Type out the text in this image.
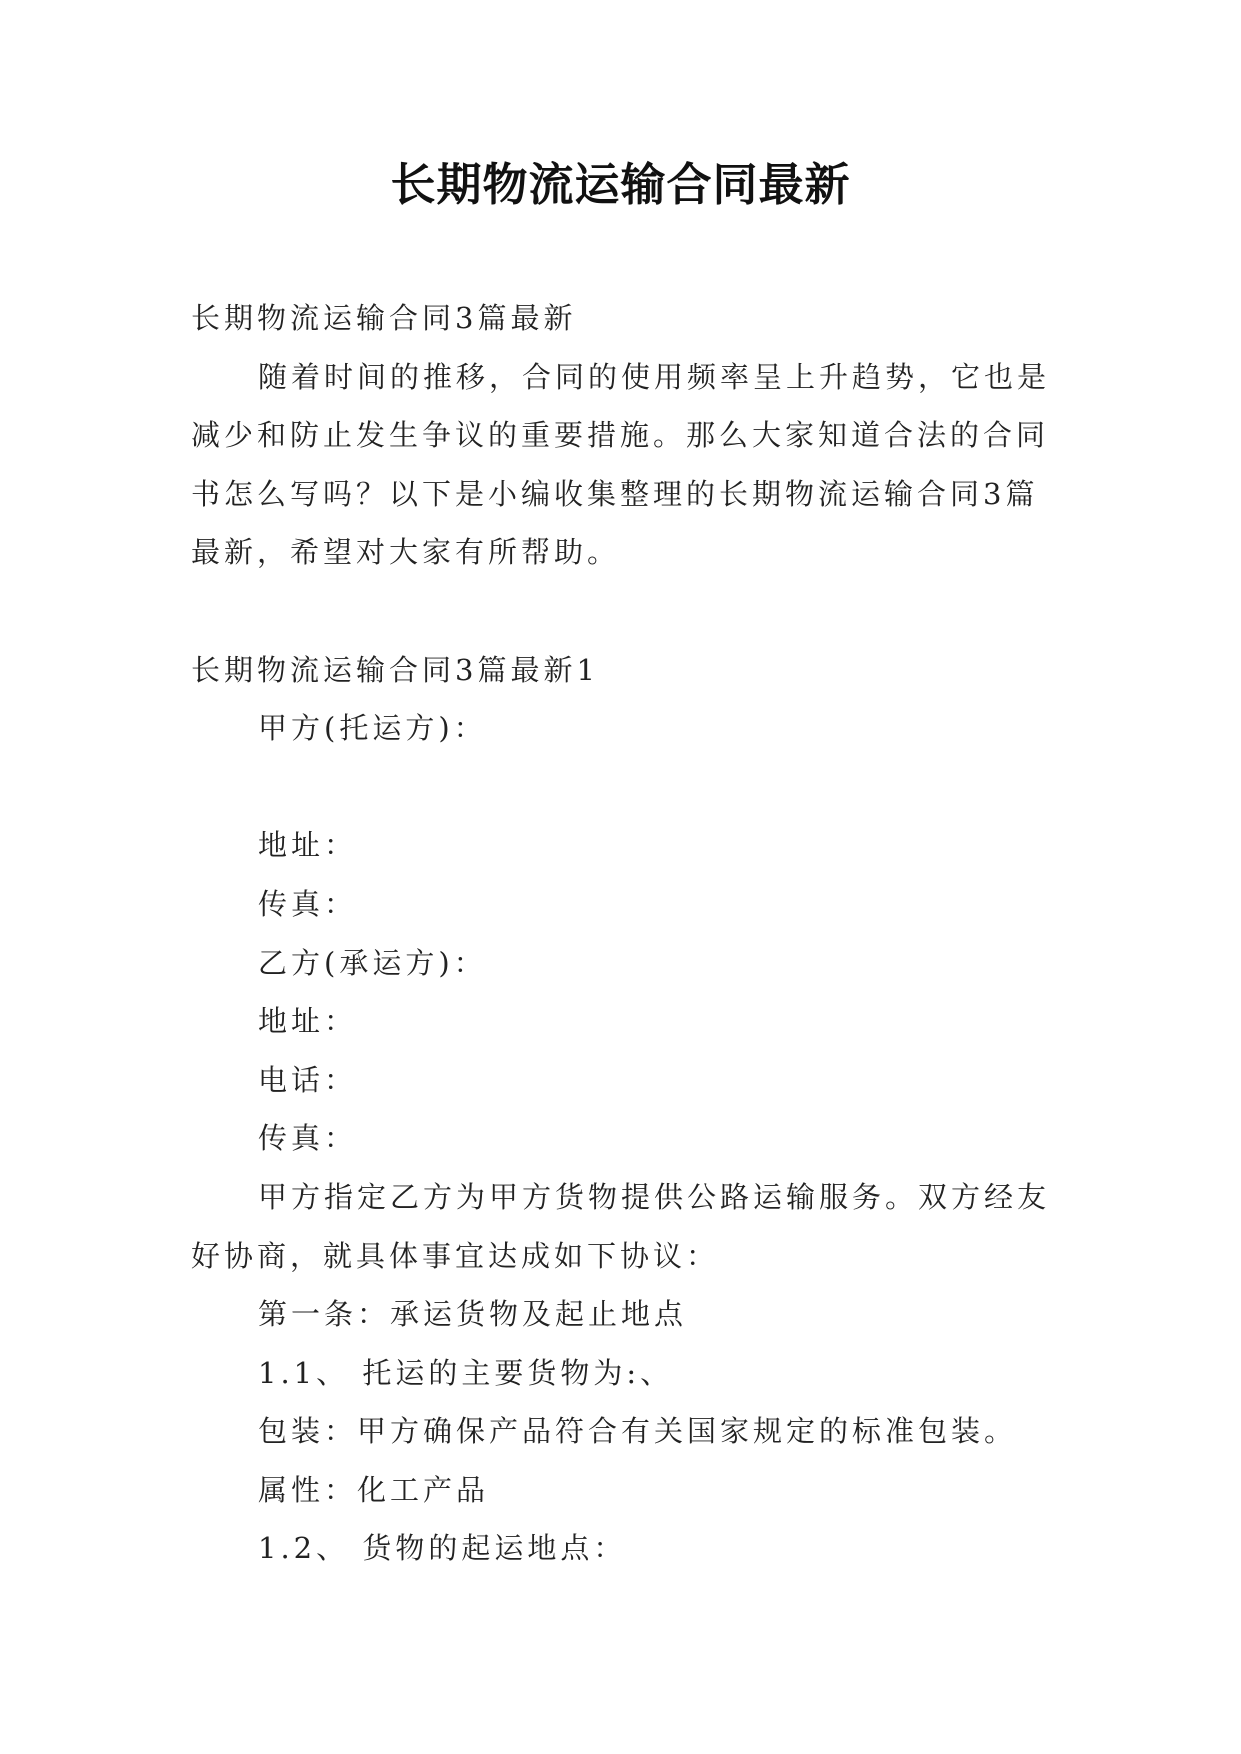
长期物流运输合同最新
长期物流运输合同3篇最新
随着时间的推移，合同的使用频率呈上升趋势，它也是
减少和防止发生争议的重要措施。那么大家知道合法的合同
书怎么写吗？以下是小编收集整理的长期物流运输合同3篇
最新，希望对大家有所帮助。
长期物流运输合同3篇最新1
甲方(托运方)：
地址：
传真：
乙方(承运方)：
地址：
电话：
传真：
甲方指定乙方为甲方货物提供公路运输服务。双方经友
好协商，就具体事宜达成如下协议：
第一条：承运货物及起止地点
1.1、 托运的主要货物为:、
包装：甲方确保产品符合有关国家规定的标准包装。
属性：化工产品
1.2、 货物的起运地点：
